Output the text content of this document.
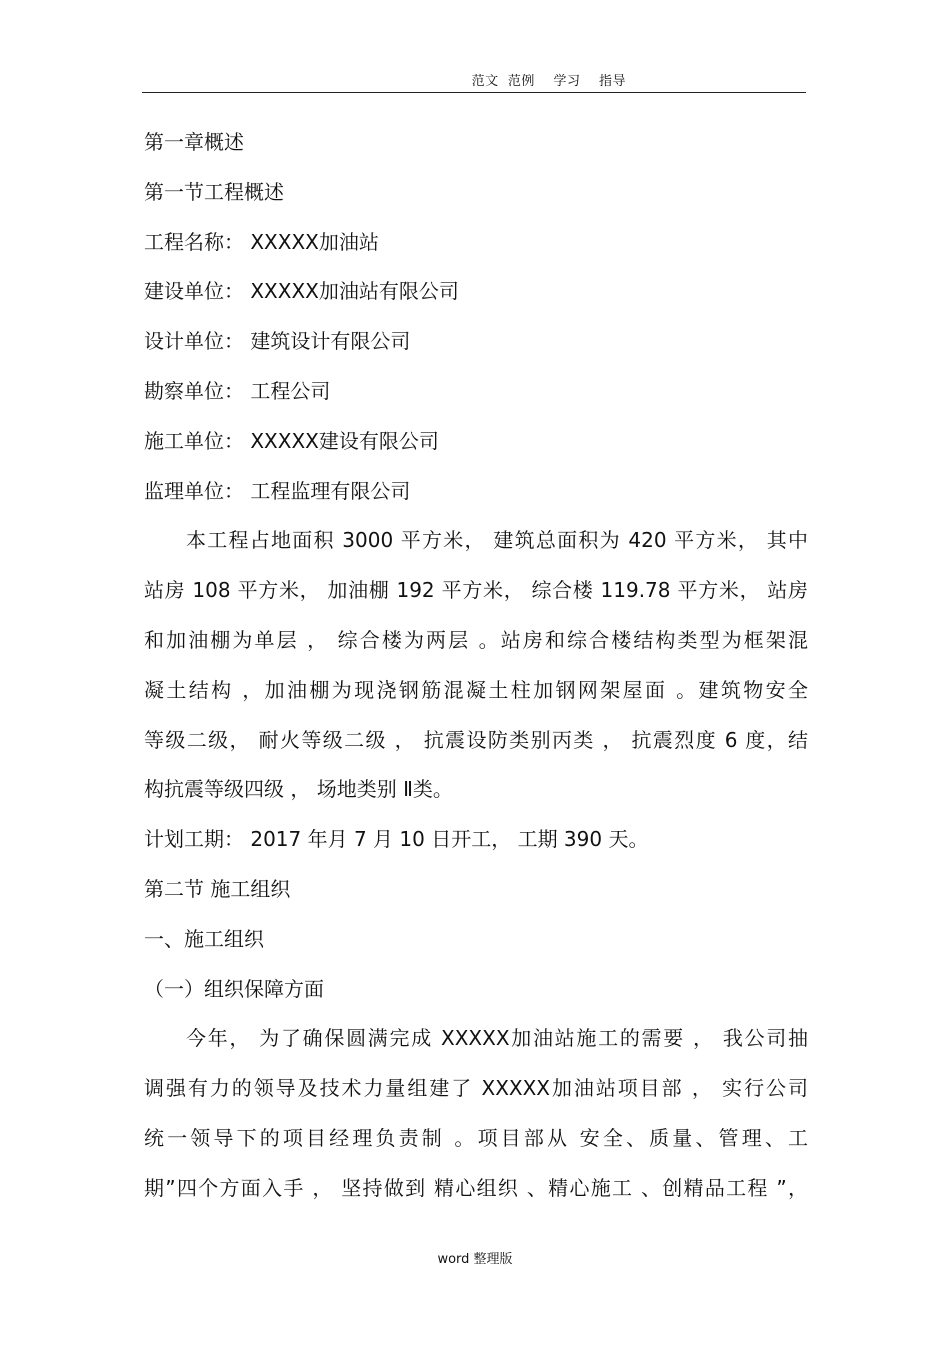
范文  范例    学习    指导
第一章概述
第一节工程概述
工程名称： XXXXX加油站
建设单位： XXXXX加油站有限公司
设计单位： 建筑设计有限公司
勘察单位： 工程公司
施工单位： XXXXX建设有限公司
监理单位： 工程监理有限公司
本工程占地面积 3000 平方米， 建筑总面积为 420 平方米， 其中
站房 108 平方米， 加油棚 192 平方米， 综合楼 119.78 平方米， 站房
和加油棚为单层 ， 综合楼为两层 。站房和综合楼结构类型为框架混
凝土结构 ，加油棚为现浇钢筋混凝土柱加钢网架屋面 。建筑物安全
等级二级， 耐火等级二级 ， 抗震设防类别丙类 ， 抗震烈度 6 度，结
构抗震等级四级 ， 场地类别 Ⅱ类。
计划工期： 2017 年月 7 月 10 日开工， 工期 390 天。
第二节 施工组织
一、施工组织
（一）组织保障方面
今年， 为了确保圆满完成 XXXXX加油站施工的需要 ， 我公司抽
调强有力的领导及技术力量组建了 XXXXX加油站项目部 ， 实行公司
统一领导下的项目经理负责制 。项目部从 安全、质量、管理、工
期”四个方面入手 ， 坚持做到 精心组织 、精心施工 、创精品工程 ”，
word 整理版
